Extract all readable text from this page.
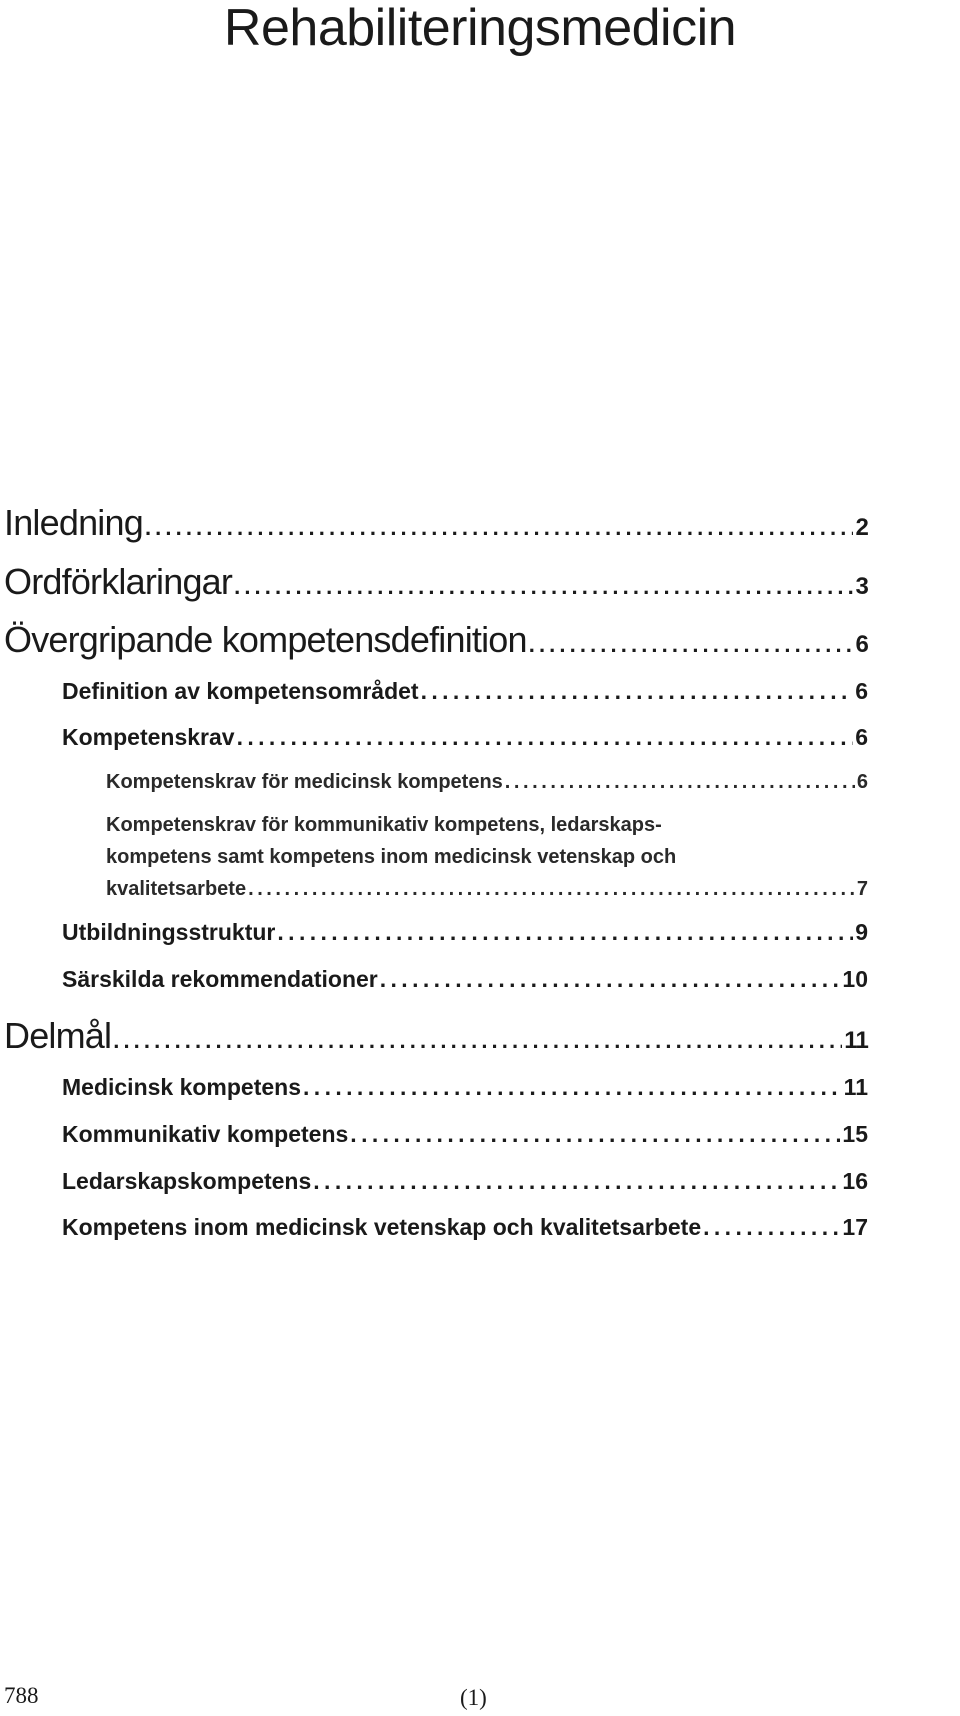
Rehabiliteringsmedicin
Inledning . . .	2
Ordförklaringar . . .	3
Övergripande kompetensdefinition . . .	6
Definition av kompetensområdet . . .	6
Kompetenskrav . . .	6
Kompetenskrav för medicinsk kompetens . . .	6
Kompetenskrav för kommunikativ kompetens, ledarskaps-
kompetens samt kompetens inom medicinsk vetenskap och
kvalitetsarbete . . .	7
Utbildningsstruktur . . .	9
Särskilda rekommendationer . . .	10
Delmål . . .	11
Medicinsk kompetens . . .	11
Kommunikativ kompetens . . .	15
Ledarskapskompetens . . .	16
Kompetens inom medicinsk vetenskap och kvalitetsarbete . . .	17
788	(1)
